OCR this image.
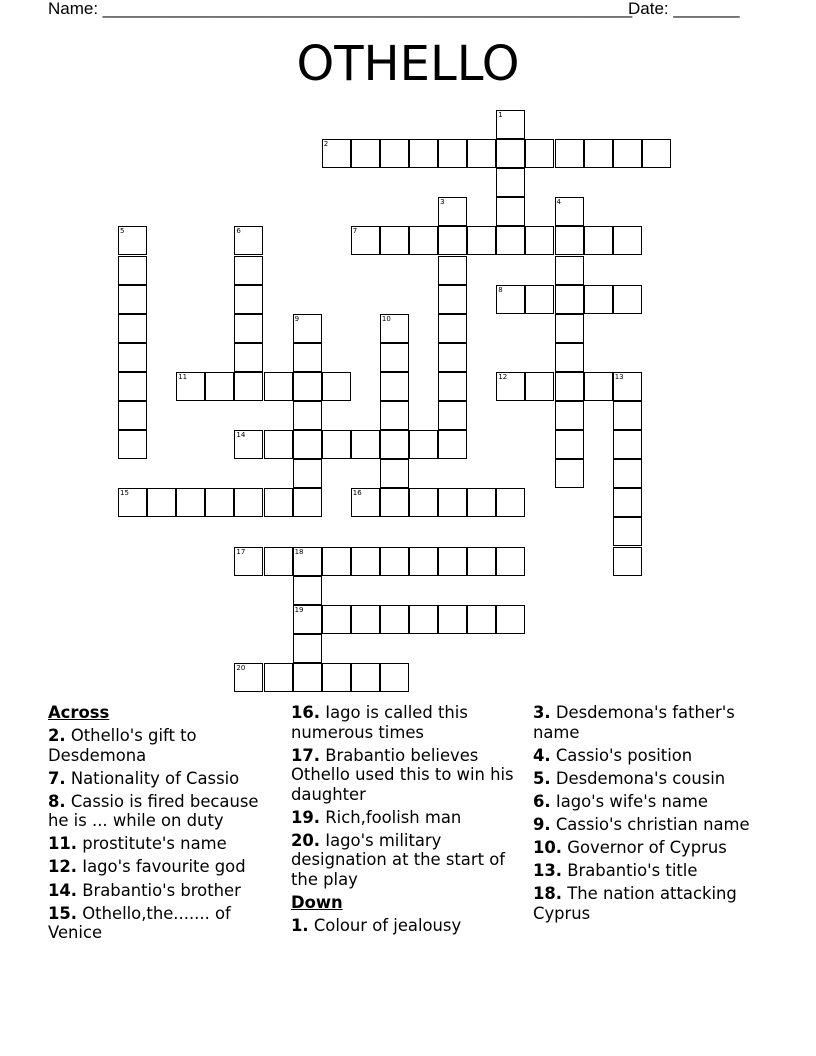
Name: ________________________________________________________
Date: _______
OTHELLO
1
2
3	4
5	6	7
8
9	10
11	12	13
14
15	16
17	18
19
20
Across
2. Othello's gift to Desdemona
7. Nationality of Cassio
8. Cassio is fired because he is ... while on duty
11. prostitute's name
12. Iago's favourite god
14. Brabantio's brother
15. Othello,the....... of Venice
16. Iago is called this numerous times
17. Brabantio believes Othello used this to win his daughter
19. Rich,foolish man
20. Iago's military designation at the start of the play
Down
1. Colour of jealousy
3. Desdemona's father's name
4. Cassio's position
5. Desdemona's cousin
6. Iago's wife's name
9. Cassio's christian name
10. Governor of Cyprus
13. Brabantio's title
18. The nation attacking Cyprus
